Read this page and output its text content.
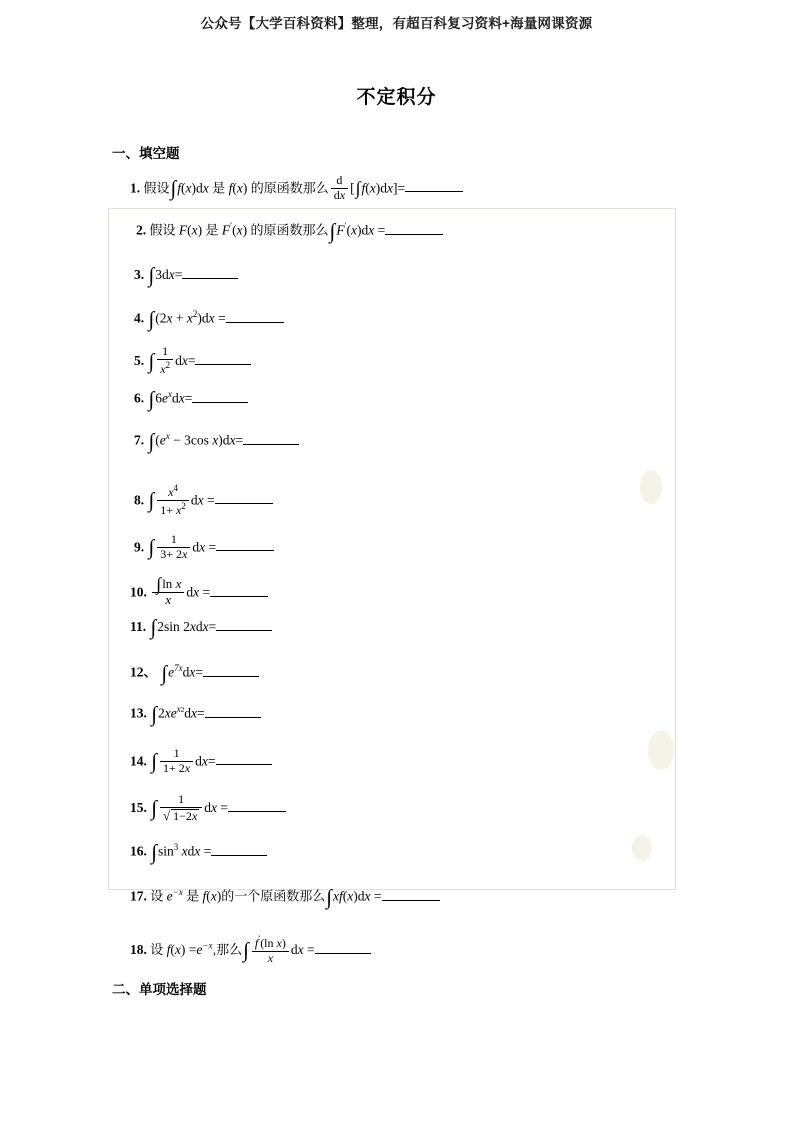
公众号【大学百科资料】整理，有超百科复习资料+海量网课资源
不定积分
一、填空题
1. 假设∫f(x)dx 是 f(x) 的原函数那么 $\frac{d}{dx} [\int f(x)dx]=$
2. 假设 F(x) 是 F′(x) 的原函数那么∫F′(x)dx =
3. ∫3dx=
4. $\int(2x + x^2)dx$ =
5. ∫ $\frac{1}{x^2} dx=$
6. $\int 6e^xdx=$
7. $\int(e^x - 3\cos$ x)dx=
8. ∫ $\frac{x^4}{1+ x^2}$ dx =
9. ∫ $\frac{1}{3+ 2x}$ dx =
10. $\frac{\text{∫ln x}}{x}$ dx =
11. ∫2sin 2xdx=
12、 $\int e^{7x}dx=$
13. $\int 2xe^{x2}dx=$
14. ∫ $\frac{1}{1+ 2x} dx=$
15. ∫ $\frac{1}{√ 1-2x}$ dx =
16. $\int\sin^3$ xdx =
17. 设 $e^{-x}$ 是 f(x)的一个原函数那么∫xf(x)dx =
18. 设 $f(x) =e^{-x}$,那么∫ $\frac{f'(\ln x)}{x}$ dx =
二、单项选择题
